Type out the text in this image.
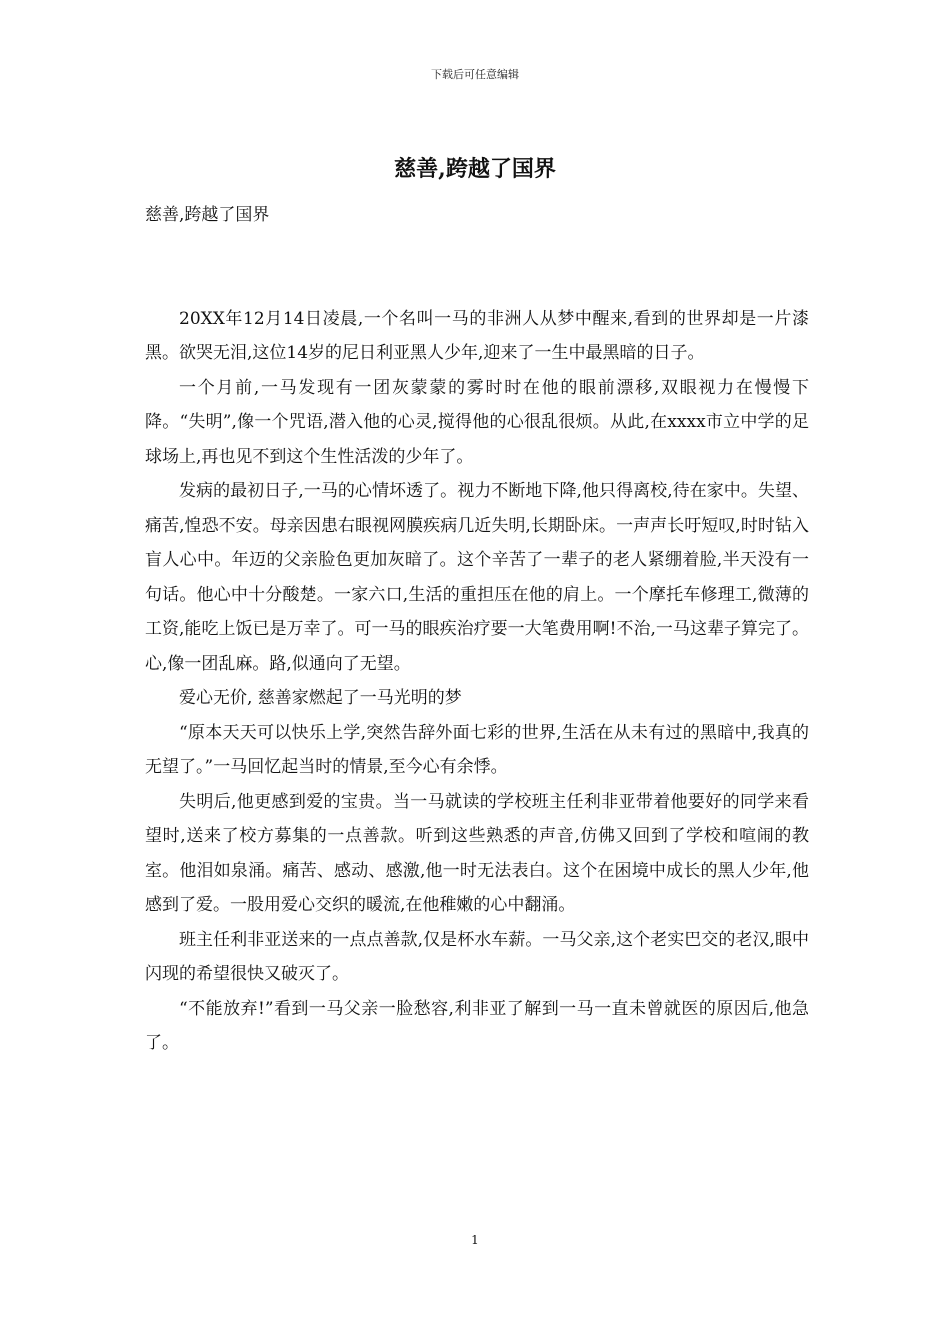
下载后可任意编辑
慈善,跨越了国界

慈善,跨越了国界

20XX年12月14日凌晨,一个名叫一马的非洲人从梦中醒来,看到的世界却是一片漆黑。欲哭无泪,这位14岁的尼日利亚黑人少年,迎来了一生中最黑暗的日子。

一个月前,一马发现有一团灰蒙蒙的雾时时在他的眼前漂移,双眼视力在慢慢下降。“失明”,像一个咒语,潜入他的心灵,搅得他的心很乱很烦。从此,在xxxx市立中学的足球场上,再也见不到这个生性活泼的少年了。

发病的最初日子,一马的心情坏透了。视力不断地下降,他只得离校,待在家中。失望、痛苦,惶恐不安。母亲因患右眼视网膜疾病几近失明,长期卧床。一声声长吁短叹,时时钻入盲人心中。年迈的父亲脸色更加灰暗了。这个辛苦了一辈子的老人紧绷着脸,半天没有一句话。他心中十分酸楚。一家六口,生活的重担压在他的肩上。一个摩托车修理工,微薄的工资,能吃上饭已是万幸了。可一马的眼疾治疗要一大笔费用啊!不治,一马这辈子算完了。心,像一团乱麻。路,似通向了无望。

爱心无价, 慈善家燃起了一马光明的梦

“原本天天可以快乐上学,突然告辞外面七彩的世界,生活在从未有过的黑暗中,我真的无望了。”一马回忆起当时的情景,至今心有余悸。

失明后,他更感到爱的宝贵。当一马就读的学校班主任利非亚带着他要好的同学来看望时,送来了校方募集的一点善款。听到这些熟悉的声音,仿佛又回到了学校和喧闹的教室。他泪如泉涌。痛苦、感动、感激,他一时无法表白。这个在困境中成长的黑人少年,他感到了爱。一股用爱心交织的暖流,在他稚嫩的心中翻涌。

班主任利非亚送来的一点点善款,仅是杯水车薪。一马父亲,这个老实巴交的老汉,眼中闪现的希望很快又破灭了。

“不能放弃!”看到一马父亲一脸愁容,利非亚了解到一马一直未曾就医的原因后,他急了。

1
